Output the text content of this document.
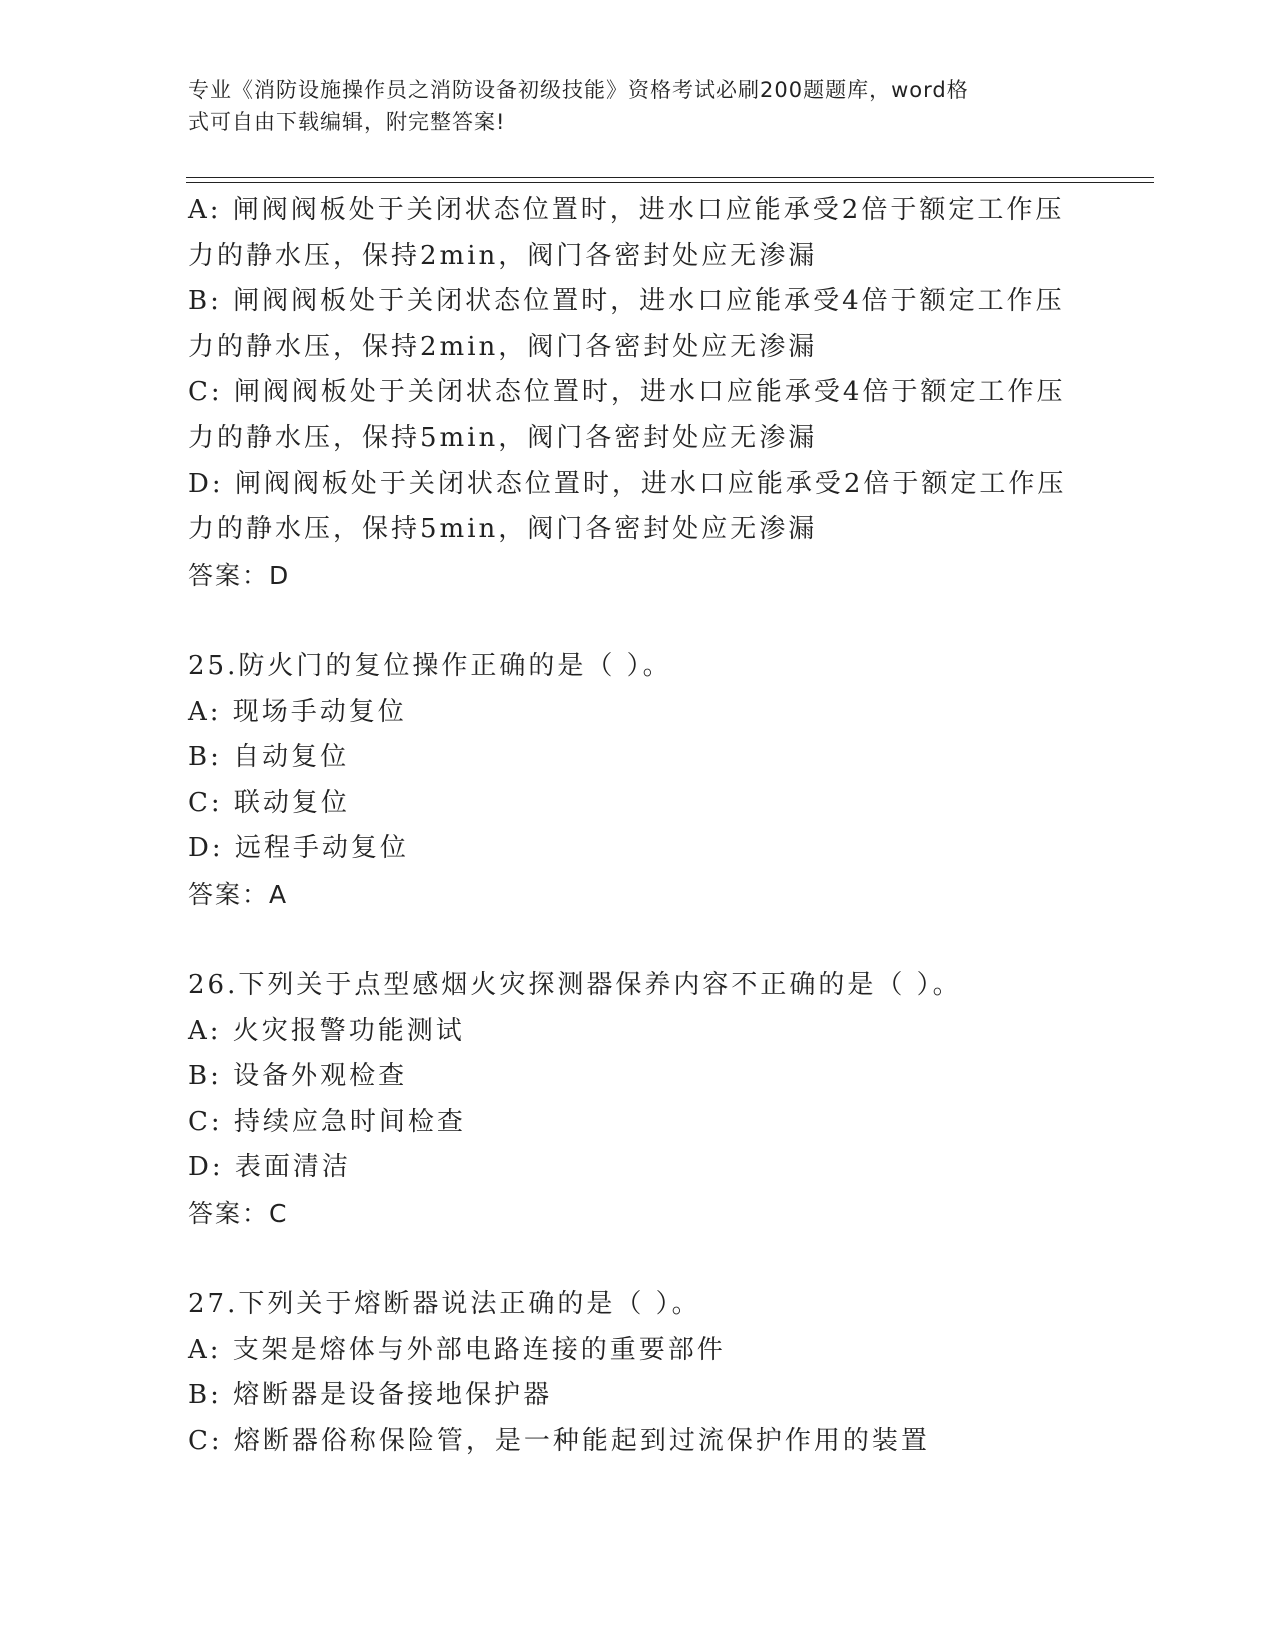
专业《消防设施操作员之消防设备初级技能》资格考试必刷200题题库，word格
式可自由下载编辑，附完整答案!
A: 闸阀阀板处于关闭状态位置时，进水口应能承受2倍于额定工作压
力的静水压，保持2min，阀门各密封处应无渗漏
B: 闸阀阀板处于关闭状态位置时，进水口应能承受4倍于额定工作压
力的静水压，保持2min，阀门各密封处应无渗漏
C: 闸阀阀板处于关闭状态位置时，进水口应能承受4倍于额定工作压
力的静水压，保持5min，阀门各密封处应无渗漏
D: 闸阀阀板处于关闭状态位置时，进水口应能承受2倍于额定工作压
力的静水压，保持5min，阀门各密封处应无渗漏
答案：D
25.防火门的复位操作正确的是（ ）。
A: 现场手动复位
B: 自动复位
C: 联动复位
D: 远程手动复位
答案：A
26.下列关于点型感烟火灾探测器保养内容不正确的是（ ）。
A: 火灾报警功能测试
B: 设备外观检查
C: 持续应急时间检查
D: 表面清洁
答案：C
27.下列关于熔断器说法正确的是（ ）。
A: 支架是熔体与外部电路连接的重要部件
B: 熔断器是设备接地保护器
C: 熔断器俗称保险管，是一种能起到过流保护作用的装置
